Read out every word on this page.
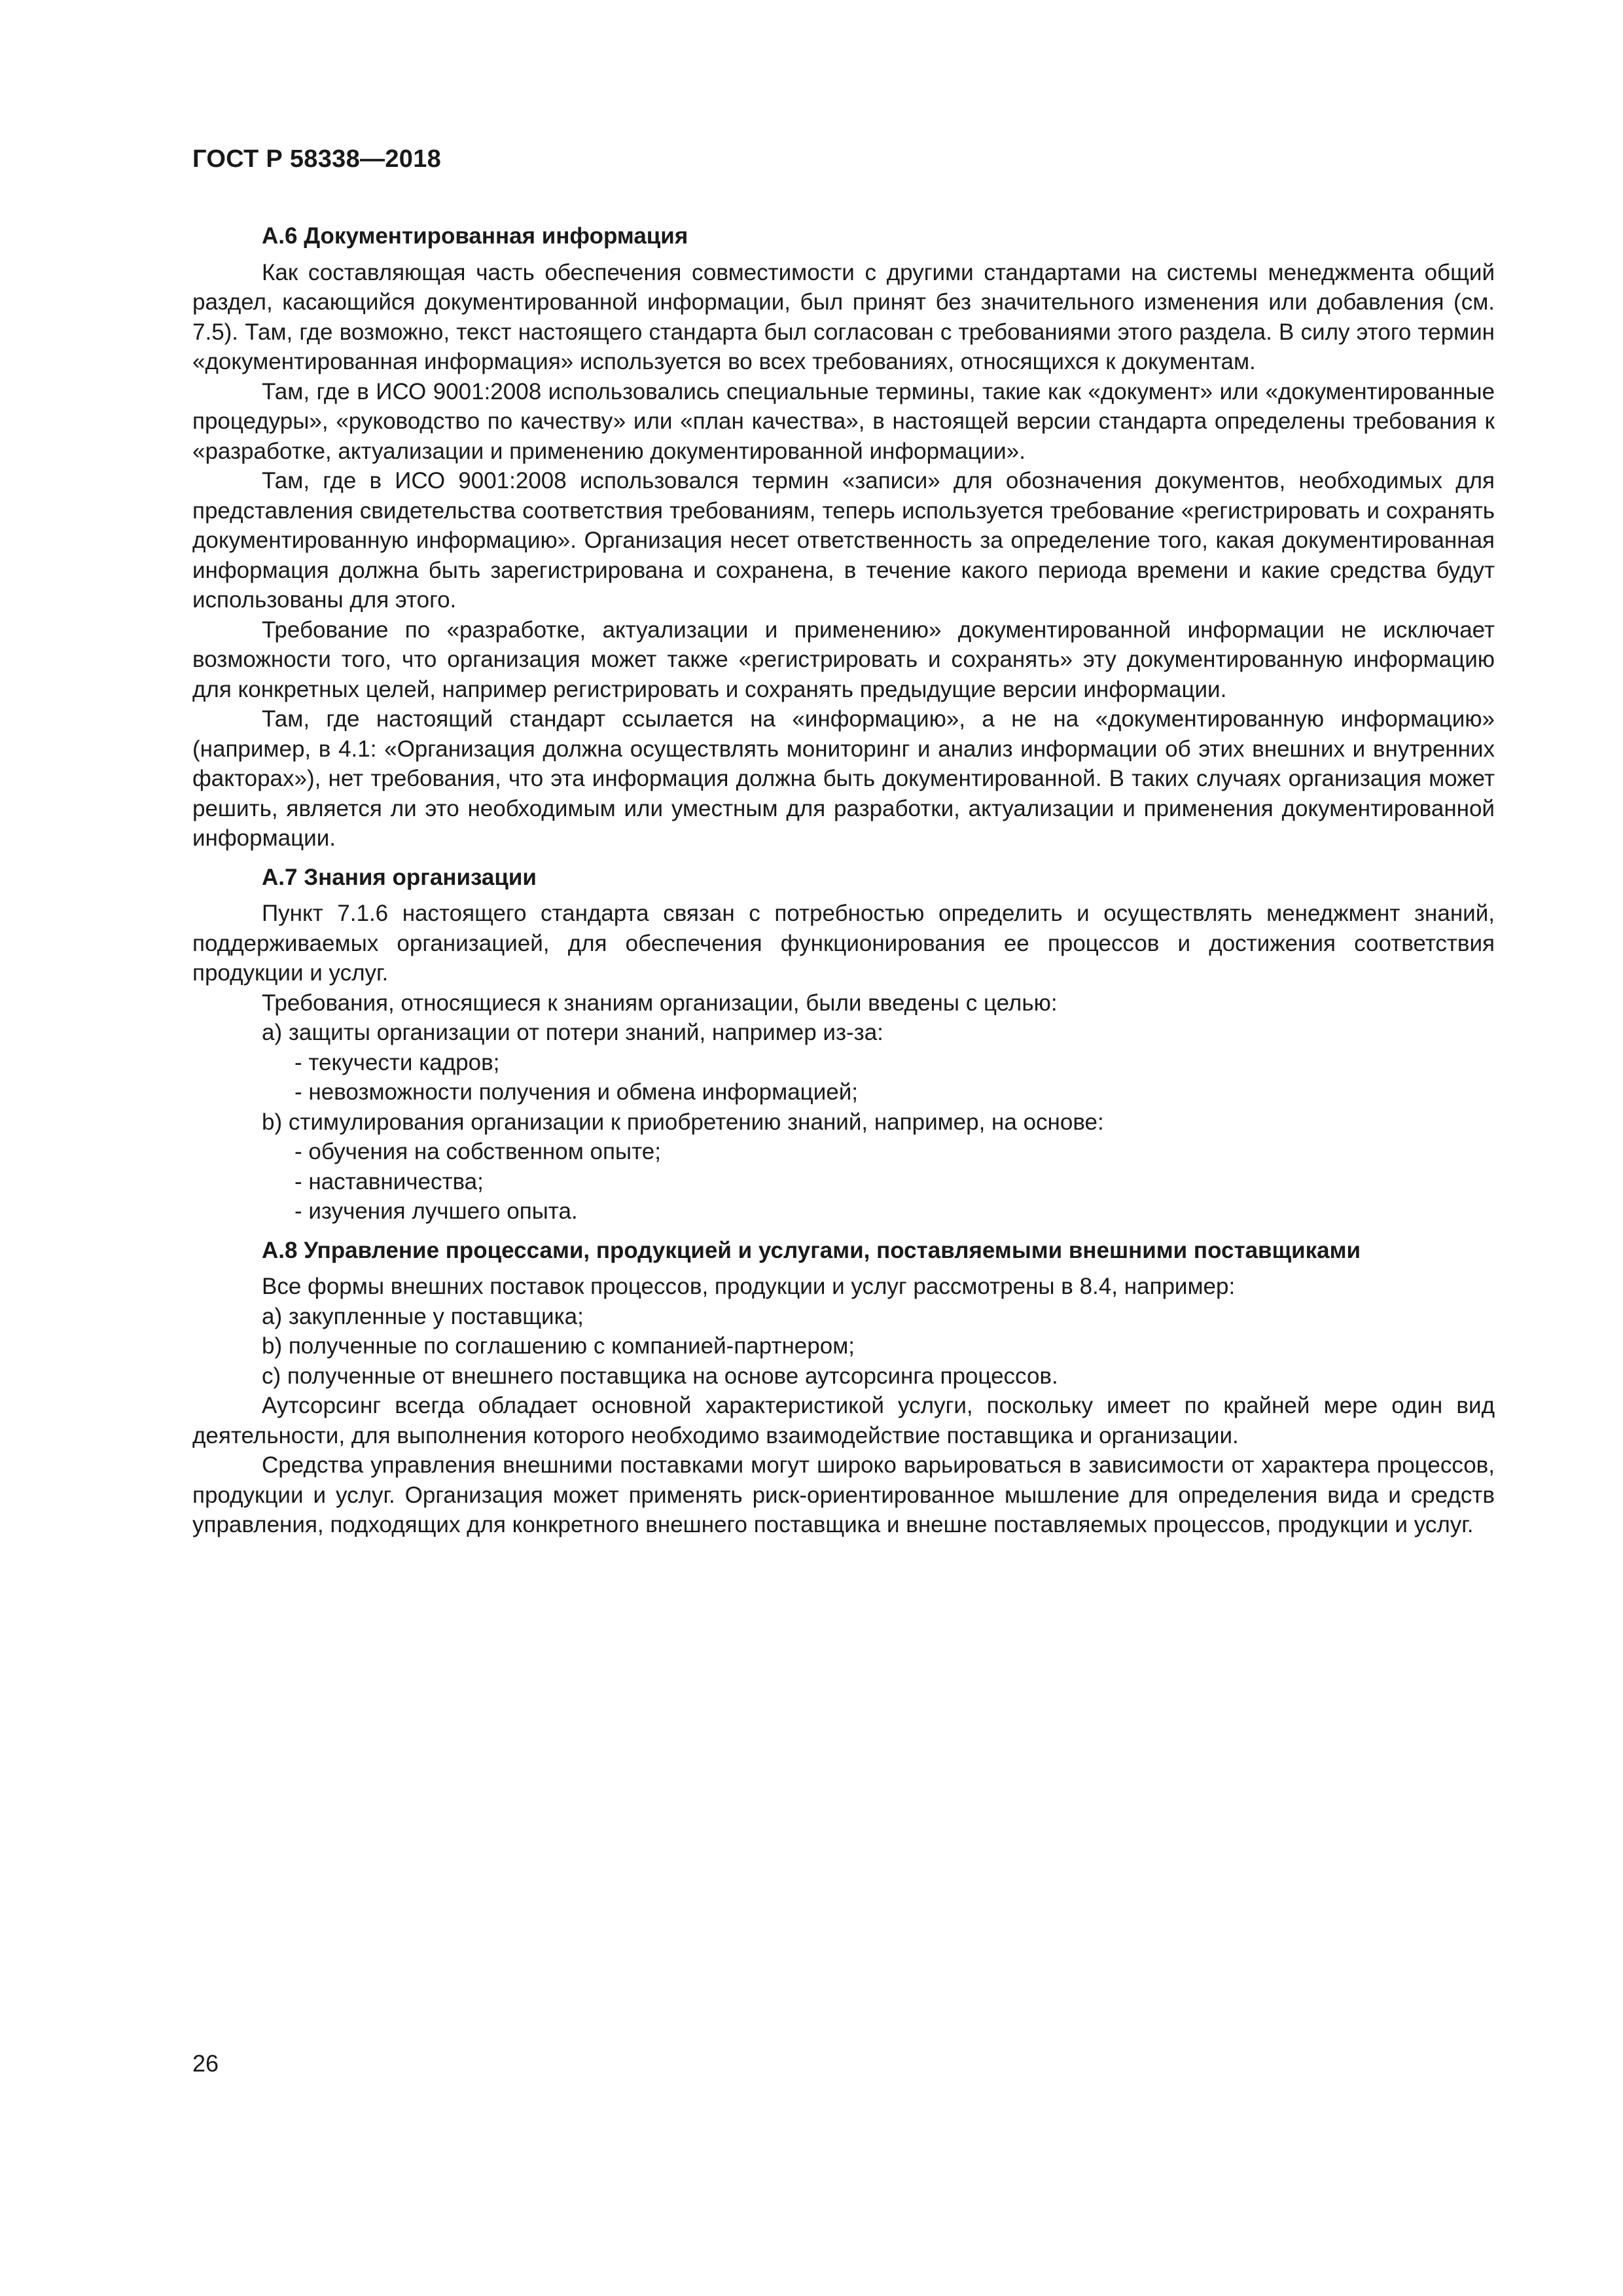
ГОСТ Р 58338—2018

А.6 Документированная информация

Как составляющая часть обеспечения совместимости с другими стандартами на системы менеджмента общий раздел, касающийся документированной информации, был принят без значительного изменения или добавления (см. 7.5). Там, где возможно, текст настоящего стандарта был согласован с требованиями этого раздела. В силу этого термин «документированная информация» используется во всех требованиях, относящихся к документам.

Там, где в ИСО 9001:2008 использовались специальные термины, такие как «документ» или «документированные процедуры», «руководство по качеству» или «план качества», в настоящей версии стандарта определены требования к «разработке, актуализации и применению документированной информации».

Там, где в ИСО 9001:2008 использовался термин «записи» для обозначения документов, необходимых для представления свидетельства соответствия требованиям, теперь используется требование «регистрировать и сохранять документированную информацию». Организация несет ответственность за определение того, какая документированная информация должна быть зарегистрирована и сохранена, в течение какого периода времени и какие средства будут использованы для этого.

Требование по «разработке, актуализации и применению» документированной информации не исключает возможности того, что организация может также «регистрировать и сохранять» эту документированную информацию для конкретных целей, например регистрировать и сохранять предыдущие версии информации.

Там, где настоящий стандарт ссылается на «информацию», а не на «документированную информацию» (например, в 4.1: «Организация должна осуществлять мониторинг и анализ информации об этих внешних и внутренних факторах»), нет требования, что эта информация должна быть документированной. В таких случаях организация может решить, является ли это необходимым или уместным для разработки, актуализации и применения документированной информации.

А.7 Знания организации

Пункт 7.1.6 настоящего стандарта связан с потребностью определить и осуществлять менеджмент знаний, поддерживаемых организацией, для обеспечения функционирования ее процессов и достижения соответствия продукции и услуг.

Требования, относящиеся к знаниям организации, были введены с целью:

а) защиты организации от потери знаний, например из-за:

- текучести кадров;

- невозможности получения и обмена информацией;

b) стимулирования организации к приобретению знаний, например, на основе:

- обучения на собственном опыте;

- наставничества;

- изучения лучшего опыта.

А.8 Управление процессами, продукцией и услугами, поставляемыми внешними поставщиками

Все формы внешних поставок процессов, продукции и услуг рассмотрены в 8.4, например:

а) закупленные у поставщика;

b) полученные по соглашению с компанией-партнером;

c) полученные от внешнего поставщика на основе аутсорсинга процессов.

Аутсорсинг всегда обладает основной характеристикой услуги, поскольку имеет по крайней мере один вид деятельности, для выполнения которого необходимо взаимодействие поставщика и организации.

Средства управления внешними поставками могут широко варьироваться в зависимости от характера процессов, продукции и услуг. Организация может применять риск-ориентированное мышление для определения вида и средств управления, подходящих для конкретного внешнего поставщика и внешне поставляемых процессов, продукции и услуг.

26
